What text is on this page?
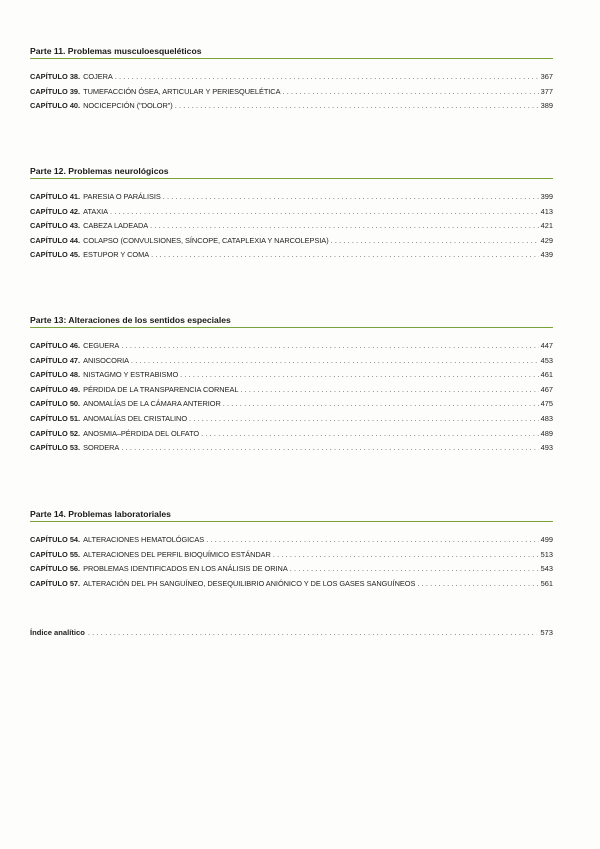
Parte 11. Problemas musculoesqueléticos
CAPÍTULO 38. COJERA .....	367
CAPÍTULO 39. TUMEFACCIÓN ÓSEA, ARTICULAR Y PERIESQUELÉTICA .....	377
CAPÍTULO 40. NOCICEPCIÓN ("DOLOR") .....	389
Parte 12. Problemas neurológicos
CAPÍTULO 41. PARESIA O PARÁLISIS .....	399
CAPÍTULO 42. ATAXIA .....	413
CAPÍTULO 43. CABEZA LADEADA .....	421
CAPÍTULO 44. COLAPSO (CONVULSIONES, SÍNCOPE, CATAPLEXIA Y NARCOLEPSIA) .....	429
CAPÍTULO 45. ESTUPOR Y COMA .....	439
Parte 13: Alteraciones de los sentidos especiales
CAPÍTULO 46. CEGUERA .....	447
CAPÍTULO 47. ANISOCORIA .....	453
CAPÍTULO 48. NISTAGMO Y ESTRABISMO .....	461
CAPÍTULO 49. PÉRDIDA DE LA TRANSPARENCIA CORNEAL .....	467
CAPÍTULO 50. ANOMALÍAS DE LA CÁMARA ANTERIOR .....	475
CAPÍTULO 51. ANOMALÍAS DEL CRISTALINO .....	483
CAPÍTULO 52. ANOSMIA–PÉRDIDA DEL OLFATO .....	489
CAPÍTULO 53. SORDERA .....	493
Parte 14. Problemas laboratoriales
CAPÍTULO 54. ALTERACIONES HEMATOLÓGICAS .....	499
CAPÍTULO 55. ALTERACIONES DEL PERFIL BIOQUÍMICO ESTÁNDAR .....	513
CAPÍTULO 56. PROBLEMAS IDENTIFICADOS EN LOS ANÁLISIS DE ORINA .....	543
CAPÍTULO 57. ALTERACIÓN DEL PH SANGUÍNEO, DESEQUILIBRIO ANIÓNICO Y DE LOS GASES SANGUÍNEOS .....	561
Índice analítico .....	573
